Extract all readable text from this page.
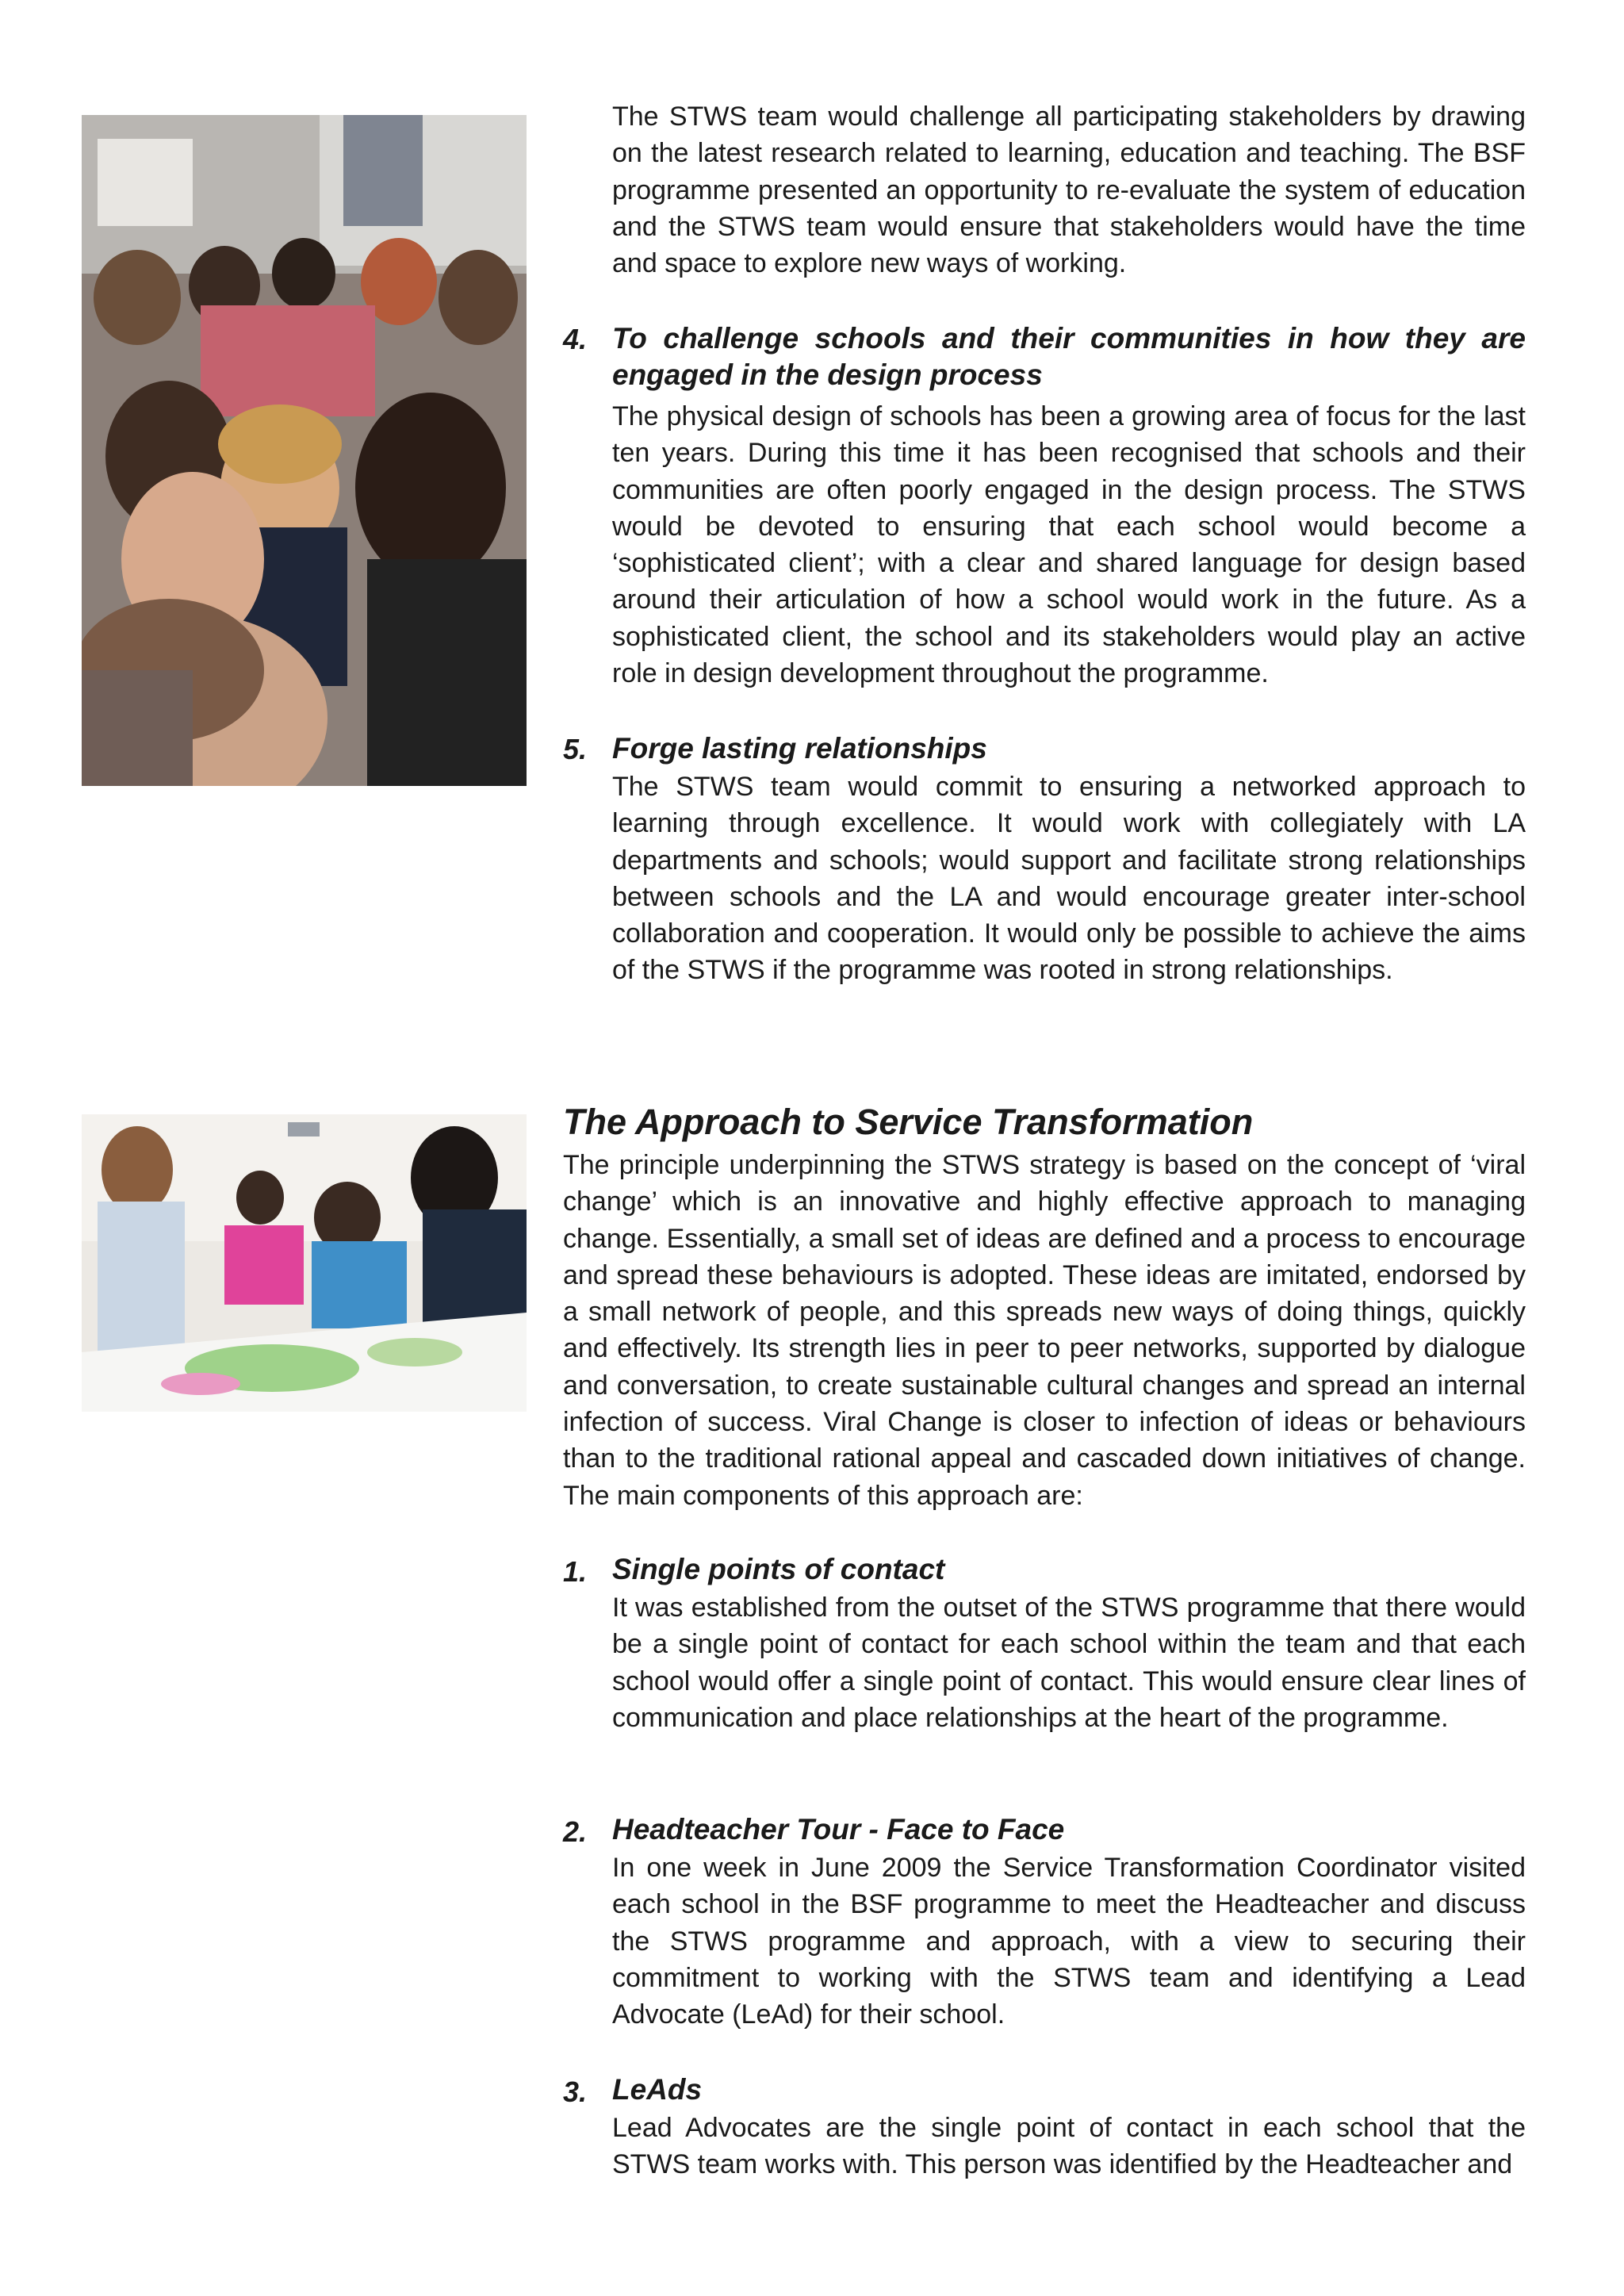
The STWS team would challenge all participating stakeholders by drawing on the latest research related to learning, education and teaching. The BSF programme presented an opportunity to re-evaluate the system of education and the STWS team would ensure that stakeholders would have the time and space to explore new ways of working.

4. To challenge schools and their communities in how they are engaged in the design process

The physical design of schools has been a growing area of focus for the last ten years. During this time it has been recognised that schools and their communities are often poorly engaged in the design process. The STWS would be devoted to ensuring that each school would become a ‘sophisticated client’; with a clear and shared language for design based around their articulation of how a school would work in the future. As a sophisticated client, the school and its stakeholders would play an active role in design development throughout the programme.

5. Forge lasting relationships

The STWS team would commit to ensuring a networked approach to learning through excellence. It would work with collegiately with LA departments and schools; would support and facilitate strong relationships between schools and the LA and would encourage greater inter-school collaboration and cooperation. It would only be possible to achieve the aims of the STWS if the programme was rooted in strong relationships.

The Approach to Service Transformation

The principle underpinning the STWS strategy is based on the concept of ‘viral change’ which is an innovative and highly effective approach to managing change. Essentially, a small set of ideas are defined and a process to encourage and spread these behaviours is adopted. These ideas are imitated, endorsed by a small network of people, and this spreads new ways of doing things, quickly and effectively. Its strength lies in peer to peer networks, supported by dialogue and conversation, to create sustainable cultural changes and spread an internal infection of success. Viral Change is closer to infection of ideas or behaviours than to the traditional rational appeal and cascaded down initiatives of change. The main components of this approach are:

1. Single points of contact

It was established from the outset of the STWS programme that there would be a single point of contact for each school within the team and that each school would offer a single point of contact. This would ensure clear lines of communication and place relationships at the heart of the programme.

2. Headteacher Tour - Face to Face

In one week in June 2009 the Service Transformation Coordinator visited each school in the BSF programme to meet the Headteacher and discuss the STWS programme and approach, with a view to securing their commitment to working with the STWS team and identifying a Lead Advocate (LeAd) for their school.

3. LeAds

Lead Advocates are the single point of contact in each school that the STWS team works with. This person was identified by the Headteacher and
